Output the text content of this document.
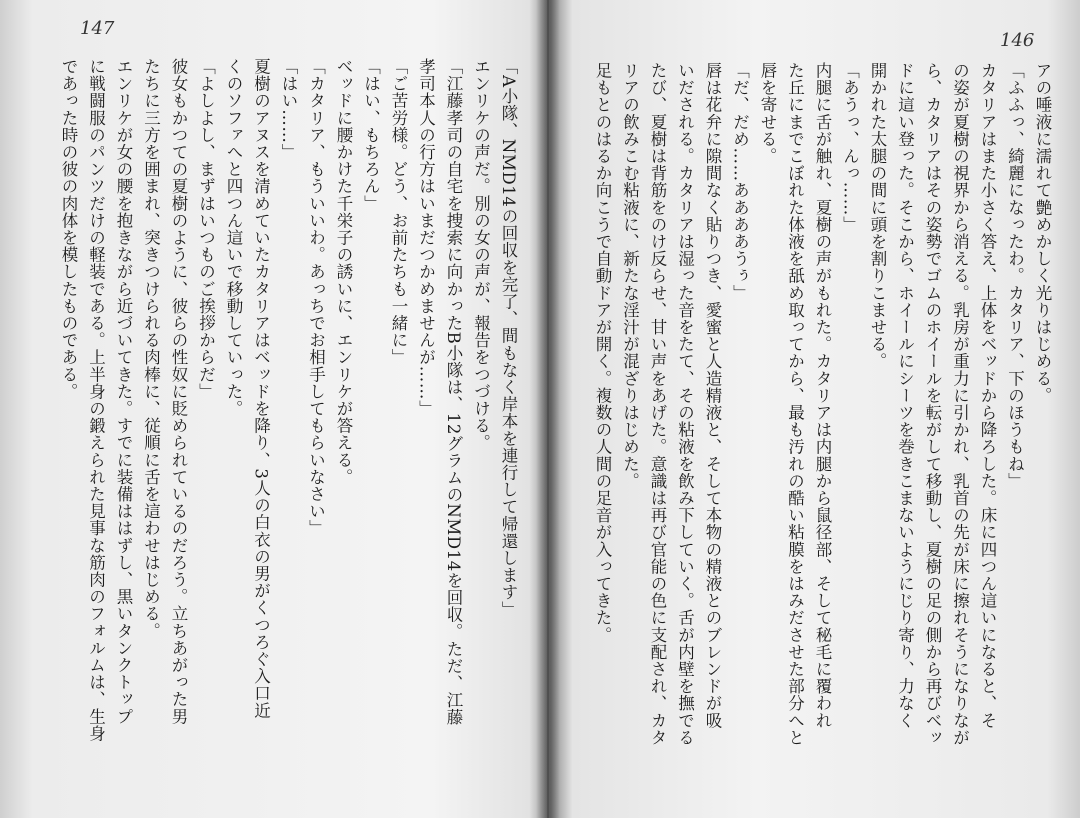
147
「A小隊、NMD14の回収を完了、間もなく岸本を連行して帰還します」
エンリケの声だ。別の女の声が、報告をつづける。
「江藤孝司の自宅を捜索に向かったB小隊は、12グラムのNMD14を回収。ただ、江藤
孝司本人の行方はいまだつかめませんが……」
「ご苦労様。どう、お前たちも一緒に」
「はい、もちろん」
ベッドに腰かけた千栄子の誘いに、エンリケが答える。
「カタリア、もういいわ。あっちでお相手してもらいなさい」
「はい……」
夏樹のアヌスを清めていたカタリアはベッドを降り、3人の白衣の男がくつろぐ入口近
くのソファへと四つん這いで移動していった。
「よしよし、まずはいつものご挨拶からだ」
彼女もかつての夏樹のように、彼らの性奴に貶められているのだろう。立ちあがった男
たちに三方を囲まれ、突きつけられる肉棒に、従順に舌を這わせはじめる。
エンリケが女の腰を抱きながら近づいてきた。すでに装備ははずし、黒いタンクトップ
に戦闘服のパンツだけの軽装である。上半身の鍛えられた見事な筋肉のフォルムは、生身
であった時の彼の肉体を模したものである。
146
アの唾液に濡れて艶めかしく光りはじめる。
「ふふっ、綺麗になったわ。カタリア、下のほうもね」
カタリアはまた小さく答え、上体をベッドから降ろした。床に四つん這いになると、そ
の姿が夏樹の視界から消える。乳房が重力に引かれ、乳首の先が床に擦れそうになりなが
ら、カタリアはその姿勢でゴムのホイールを転がして移動し、夏樹の足の側から再びベッ
ドに這い登った。そこから、ホイールにシーツを巻きこまないようにじり寄り、力なく
開かれた太腿の間に頭を割りこませる。
「あうっ、んっ……」
内腿に舌が触れ、夏樹の声がもれた。カタリアは内腿から鼠径部、そして秘毛に覆われ
た丘にまでこぼれた体液を舐め取ってから、最も汚れの酷い粘膜をはみださせた部分へと
唇を寄せる。
「だ、だめ……ああああうぅ」
唇は花弁に隙間なく貼りつき、愛蜜と人造精液と、そして本物の精液とのブレンドが吸
いだされる。カタリアは湿った音をたて、その粘液を飲み下していく。舌が内壁を撫でる
たび、夏樹は背筋をのけ反らせ、甘い声をあげた。意識は再び官能の色に支配され、カタ
リアの飲みこむ粘液に、新たな淫汁が混ざりはじめた。
足もとのはるか向こうで自動ドアが開く。複数の人間の足音が入ってきた。
